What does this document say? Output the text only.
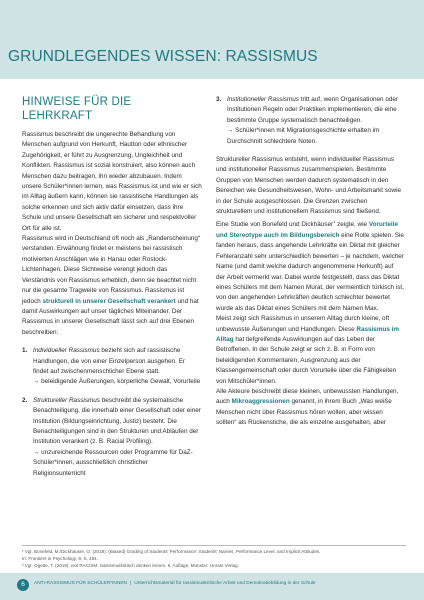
GRUNDLEGENDES WISSEN: RASSISMUS
HINWEISE FÜR DIE LEHRKRAFT

Rassismus beschreibt die ungerechte Behandlung von Menschen aufgrund von Herkunft, Hautton oder ethnischer Zugehörigkeit, er führt zu Ausgrenzung, Ungleichheit und Konflikten. Rassismus ist sozial konstruiert, also können auch Menschen dazu beitragen, ihn wieder abzubauen. Indem unsere Schüler*innen lernen, was Rassismus ist und wie er sich im Alltag äußern kann, können sie rassistische Handlungen als solche erkennen und sich aktiv dafür einsetzen, dass ihre Schule und unsere Gesellschaft ein sicherer und respektvoller Ort für alle ist.

Rassismus wird in Deutschland oft noch als „Randerscheinung“ verstanden. Erwähnung findet er meistens bei rassistisch motivierten Anschlägen wie in Hanau oder Rostock-Lichtenhagen. Diese Sichtweise verengt jedoch das Verständnis von Rassismus erheblich, denn sie beachtet nicht nur die gesamte Tragweite von Rassismus. Rassismus ist jedoch strukturell in unserer Gesellschaft verankert und hat damit Auswirkungen auf unser tägliches Miteinander. Der Rassismus in unserer Gesellschaft lässt sich auf drei Ebenen beschreiben:

1. Individueller Rassismus bezieht sich auf rassistische Handlungen, die von einer Einzelperson ausgehen. Er findet auf zwischenmenschlicher Ebene statt.
→ beleidigende Äußerungen, körperliche Gewalt, Vorurteile
2. Struktureller Rassismus beschreibt die systematische Benachteiligung, die innerhalb einer Gesellschaft oder einer Institution (Bildungseinrichtung, Justiz) besteht. Die Benachteiligungen sind in den Strukturen und Abläufen der Institution verankert (z. B. Racial Profiling).
→ unzureichende Ressourcen oder Programme für DaZ-Schüler*innen, ausschließlich christlicher Religionsunterricht
3. Institutioneller Rassismus tritt auf, wenn Organisationen oder Institutionen Regeln oder Praktiken implementieren, die eine bestimmte Gruppe systematisch benachteiligen.
→ Schüler*innen mit Migrationsgeschichte erhalten im Durchschnitt schlechtere Noten.

Struktureller Rassismus entsteht, wenn individueller Rassismus und institutioneller Rassismus zusammenspielen. Bestimmte Gruppen von Menschen werden dadurch systematisch in den Bereichen wie Gesundheitswesen, Wohn- und Arbeitsmarkt sowie in der Schule ausgeschlossen. Die Grenzen zwischen strukturellem und institutionellem Rassismus sind fließend.

Eine Studie von Bonefeld und Dickhäuser$^1$ zeigte, wie Vorurteile und Stereotype auch im Bildungsbereich eine Rolle spielen. Sie fanden heraus, dass angehende Lehrkräfte ein Diktat mit gleicher Fehleranzahl sehr unterschiedlich bewerten – je nachdem, welcher Name (und damit welche dadurch angenommene Herkunft) auf der Arbeit vermerkt war. Dabei wurde festgestellt, dass das Diktat eines Schülers mit dem Namen Murat, der vermeintlich türkisch ist, von den angehenden Lehrkräften deutlich schlechter bewertet wurde als das Diktat eines Schülers mit dem Namen Max.

Meist zeigt sich Rassismus in unserem Alltag durch kleine, oft unbewusste Äußerungen und Handlungen. Diese Rassismus im Alltag hat tiefgreifende Auswirkungen auf das Leben der Betroffenen. In der Schule zeigt er sich z. B. in Form von beleidigenden Kommentaren, Ausgrenzung aus der Klassengemeinschaft oder durch Vorurteile über die Fähigkeiten von Mitschüler*innen.

Alle Akteure beschreibt diese kleinen, unbewussten Handlungen, auch Mikroaggressionen genannt, in ihrem Buch „Was weiße Menschen nicht über Rassismus hören wollen, aber wissen sollten“ als Rückenstiche, die als einzelne ausgehalten, aber

¹ Vgl. Bonefeld, M./Dickhäuser, O. (2018): (Biased) Grading of Students' Performance: Students' Names, Performance Level, and Implicit Attitudes.
In: Frontiers in Psychology, 9, S. 481.
² Vgl. Ogette, T. (2019): exit RACISM. rassismuskritisch denken lernen. 6. Auflage. Münster: Unrast Verlag.
6	ANTI-RASSISMUS FÜR SCHÜLER*INNEN | Unterrichtsmaterial für rassismuskritische Arbeit und Demokratiebildung in der Schule
